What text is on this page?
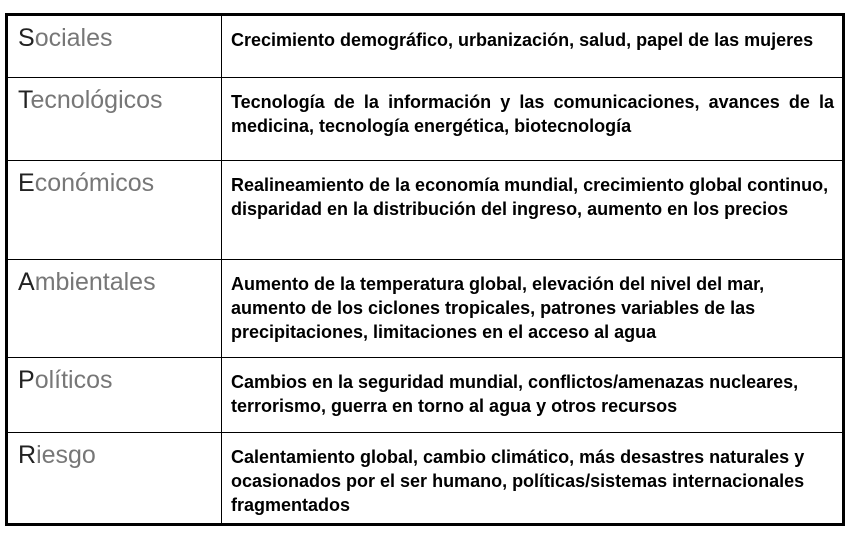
Sociales	Crecimiento demográfico, urbanización, salud, papel de las mujeres
Tecnológicos	Tecnología de la información y las comunicaciones, avances de la medicina, tecnología energética, biotecnología
Económicos	Realineamiento de la economía mundial, crecimiento global continuo, disparidad en la distribución del ingreso, aumento en los precios
Ambientales	Aumento de la temperatura global, elevación del nivel del mar, aumento de los ciclones tropicales, patrones variables de las precipitaciones, limitaciones en el acceso al agua
Políticos	Cambios en la seguridad mundial, conflictos/amenazas nucleares, terrorismo, guerra en torno al agua y otros recursos
Riesgo	Calentamiento global, cambio climático, más desastres naturales y ocasionados por el ser humano, políticas/sistemas internacionales fragmentados
